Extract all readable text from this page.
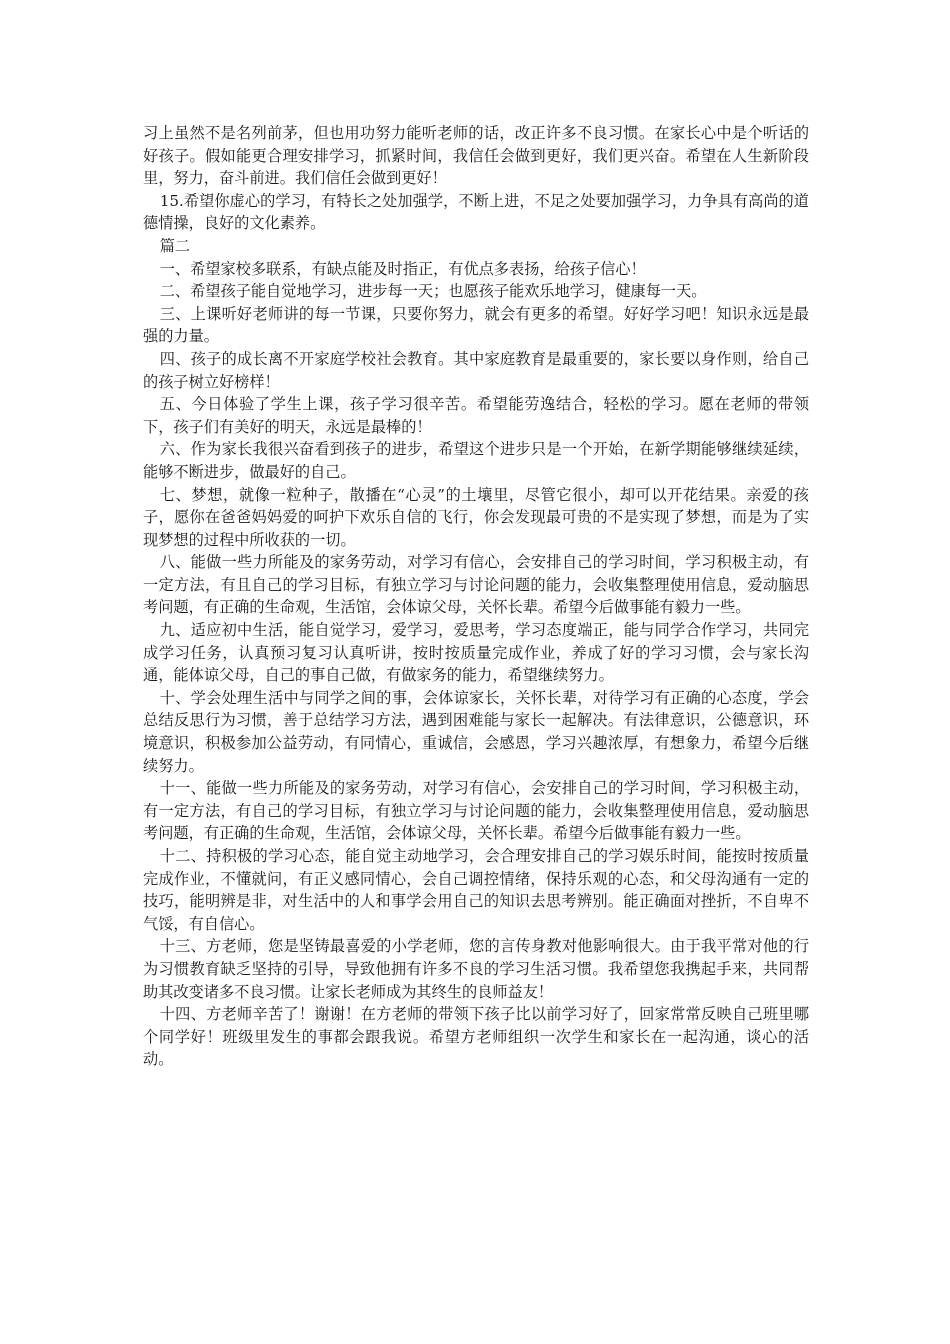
习上虽然不是名列前茅，但也用功努力能听老师的话，改正许多不良习惯。在家长心中是个听话的好孩子。假如能更合理安排学习，抓紧时间，我信任会做到更好，我们更兴奋。希望在人生新阶段里，努力，奋斗前进。我们信任会做到更好！

15.希望你虚心的学习，有特长之处加强学，不断上进，不足之处要加强学习，力争具有高尚的道德情操，良好的文化素养。

篇二

一、希望家校多联系，有缺点能及时指正，有优点多表扬，给孩子信心！

二、希望孩子能自觉地学习，进步每一天；也愿孩子能欢乐地学习，健康每一天。

三、上课听好老师讲的每一节课，只要你努力，就会有更多的希望。好好学习吧！知识永远是最强的力量。

四、孩子的成长离不开家庭学校社会教育。其中家庭教育是最重要的，家长要以身作则，给自己的孩子树立好榜样！

五、今日体验了学生上课，孩子学习很辛苦。希望能劳逸结合，轻松的学习。愿在老师的带领下，孩子们有美好的明天，永远是最棒的！

六、作为家长我很兴奋看到孩子的进步，希望这个进步只是一个开始，在新学期能够继续延续，能够不断进步，做最好的自己。

七、梦想，就像一粒种子，散播在“心灵”的土壤里，尽管它很小，却可以开花结果。亲爱的孩子，愿你在爸爸妈妈爱的呵护下欢乐自信的飞行，你会发现最可贵的不是实现了梦想，而是为了实现梦想的过程中所收获的一切。

八、能做一些力所能及的家务劳动，对学习有信心，会安排自己的学习时间，学习积极主动，有一定方法，有且自己的学习目标，有独立学习与讨论问题的能力，会收集整理使用信息，爱动脑思考问题，有正确的生命观，生活馆，会体谅父母，关怀长辈。希望今后做事能有毅力一些。

九、适应初中生活，能自觉学习，爱学习，爱思考，学习态度端正，能与同学合作学习，共同完成学习任务，认真预习复习认真听讲，按时按质量完成作业，养成了好的学习习惯，会与家长沟通，能体谅父母，自己的事自己做，有做家务的能力，希望继续努力。

十、学会处理生活中与同学之间的事，会体谅家长，关怀长辈，对待学习有正确的心态度，学会总结反思行为习惯，善于总结学习方法，遇到困难能与家长一起解决。有法律意识，公德意识，环境意识，积极参加公益劳动，有同情心，重诚信，会感恩，学习兴趣浓厚，有想象力，希望今后继续努力。

十一、能做一些力所能及的家务劳动，对学习有信心，会安排自己的学习时间，学习积极主动，有一定方法，有自己的学习目标，有独立学习与讨论问题的能力，会收集整理使用信息，爱动脑思考问题，有正确的生命观，生活馆，会体谅父母，关怀长辈。希望今后做事能有毅力一些。

十二、持积极的学习心态，能自觉主动地学习，会合理安排自己的学习娱乐时间，能按时按质量完成作业，不懂就问，有正义感同情心，会自己调控情绪，保持乐观的心态，和父母沟通有一定的技巧，能明辨是非，对生活中的人和事学会用自己的知识去思考辨别。能正确面对挫折，不自卑不气馁，有自信心。

十三、方老师，您是坚铸最喜爱的小学老师，您的言传身教对他影响很大。由于我平常对他的行为习惯教育缺乏坚持的引导，导致他拥有许多不良的学习生活习惯。我希望您我携起手来，共同帮助其改变诸多不良习惯。让家长老师成为其终生的良师益友！

十四、方老师辛苦了！谢谢！在方老师的带领下孩子比以前学习好了，回家常常反映自己班里哪个同学好！班级里发生的事都会跟我说。希望方老师组织一次学生和家长在一起沟通，谈心的活动。
